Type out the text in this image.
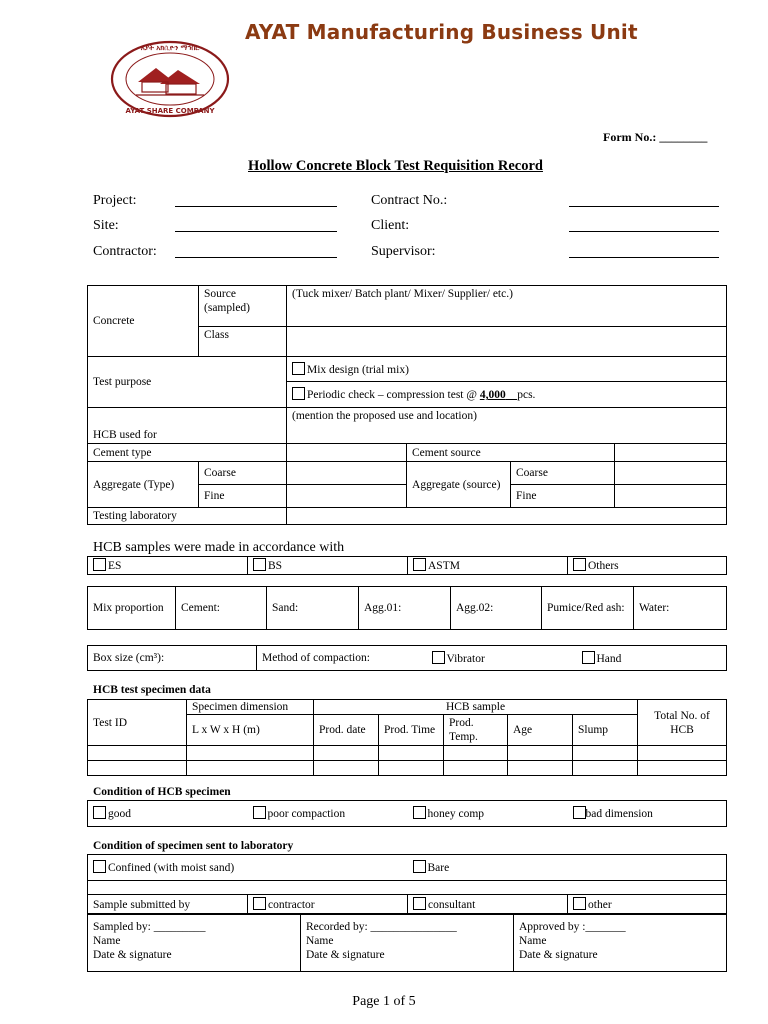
AYAT Manufacturing Business Unit
አያት አክሲዮን ማኅበር
AYAT SHARE COMPANY
Form No.: ________
Hollow Concrete Block Test Requisition Record
Project:
Site:
Contractor:
Contract No.:
Client:
Supervisor:
Concrete	Source (sampled)	(Tuck mixer/ Batch plant/ Mixer/ Supplier/ etc.)			
	Class				
Test purpose		Mix design (trial mix)			
		Periodic check – compression test @ 4,000 pcs.			
HCB used for		(mention the proposed use and location)			
Cement type			Cement source		
Aggregate (Type)	Coarse		Aggregate (source)	Coarse	
	Fine			Fine	
Testing laboratory					
HCB samples were made in accordance with
ES	BS	ASTM	Others
Mix proportion	Cement:	Sand:	Agg.01:	Agg.02:	Pumice/Red ash:	Water:
Box size (cm³):	Method of compaction:	Vibrator	Hand
HCB test specimen data
Test ID	Specimen dimension	HCB sample					Total No. of HCB
	L x W x H (m)	Prod. date	Prod. Time	Prod. Temp.	Age	Slump	

Condition of HCB specimen
good	poor compaction	honey comp	bad dimension
Condition of specimen sent to laboratory
Confined (with moist sand)		Bare	

Sample submitted by	contractor	consultant	other
Sampled by: _________
Name
Date & signature

Recorded by: _______________
Name
Date & signature

Approved by :_______
Name
Date & signature
Page 1 of 5
